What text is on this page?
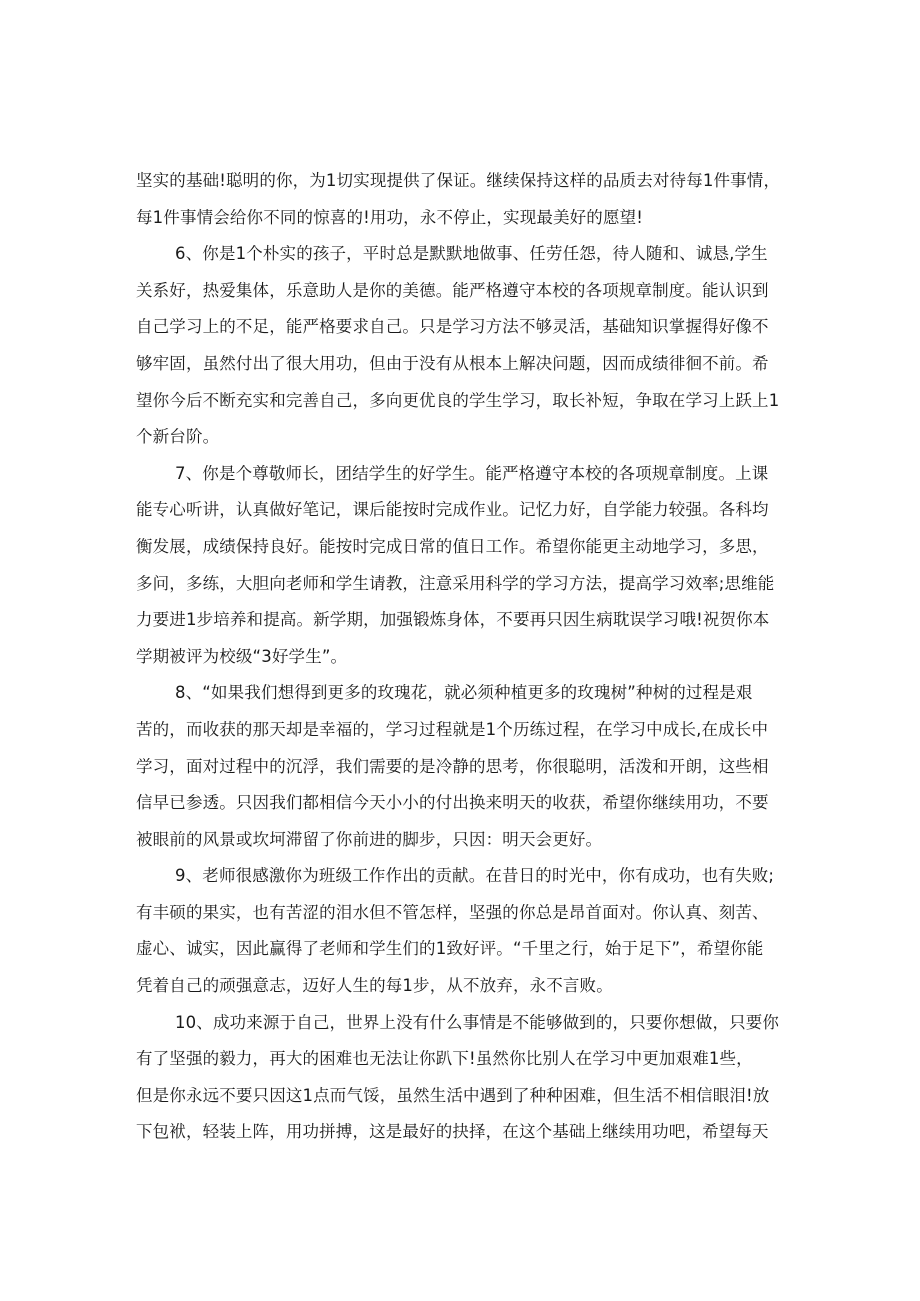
坚实的基础!聪明的你，为1切实现提供了保证。继续保持这样的品质去对待每1件事情，
每1件事情会给你不同的惊喜的!用功，永不停止，实现最美好的愿望!
6、你是1个朴实的孩子，平时总是默默地做事、任劳任怨，待人随和、诚恳,学生
关系好，热爱集体，乐意助人是你的美德。能严格遵守本校的各项规章制度。能认识到
自己学习上的不足，能严格要求自己。只是学习方法不够灵活，基础知识掌握得好像不
够牢固，虽然付出了很大用功，但由于没有从根本上解决问题，因而成绩徘徊不前。希
望你今后不断充实和完善自己，多向更优良的学生学习，取长补短，争取在学习上跃上1
个新台阶。
7、你是个尊敬师长，团结学生的好学生。能严格遵守本校的各项规章制度。上课
能专心听讲，认真做好笔记，课后能按时完成作业。记忆力好，自学能力较强。各科均
衡发展，成绩保持良好。能按时完成日常的值日工作。希望你能更主动地学习，多思，
多问，多练，大胆向老师和学生请教，注意采用科学的学习方法，提高学习效率;思维能
力要进1步培养和提高。新学期，加强锻炼身体，不要再只因生病耽误学习哦!祝贺你本
学期被评为校级“3好学生”。
8、“如果我们想得到更多的玫瑰花，就必须种植更多的玫瑰树”种树的过程是艰
苦的，而收获的那天却是幸福的，学习过程就是1个历练过程，在学习中成长,在成长中
学习，面对过程中的沉浮，我们需要的是冷静的思考，你很聪明，活泼和开朗，这些相
信早已参透。只因我们都相信今天小小的付出换来明天的收获，希望你继续用功，不要
被眼前的风景或坎坷滞留了你前进的脚步，只因：明天会更好。
9、老师很感激你为班级工作作出的贡献。在昔日的时光中，你有成功，也有失败;
有丰硕的果实，也有苦涩的泪水但不管怎样，坚强的你总是昂首面对。你认真、刻苦、
虚心、诚实，因此赢得了老师和学生们的1致好评。“千里之行，始于足下”，希望你能
凭着自己的顽强意志，迈好人生的每1步，从不放弃，永不言败。
10、成功来源于自己，世界上没有什么事情是不能够做到的，只要你想做，只要你
有了坚强的毅力，再大的困难也无法让你趴下!虽然你比别人在学习中更加艰难1些，
但是你永远不要只因这1点而气馁，虽然生活中遇到了种种困难，但生活不相信眼泪!放
下包袱，轻装上阵，用功拼搏，这是最好的抉择，在这个基础上继续用功吧，希望每天
